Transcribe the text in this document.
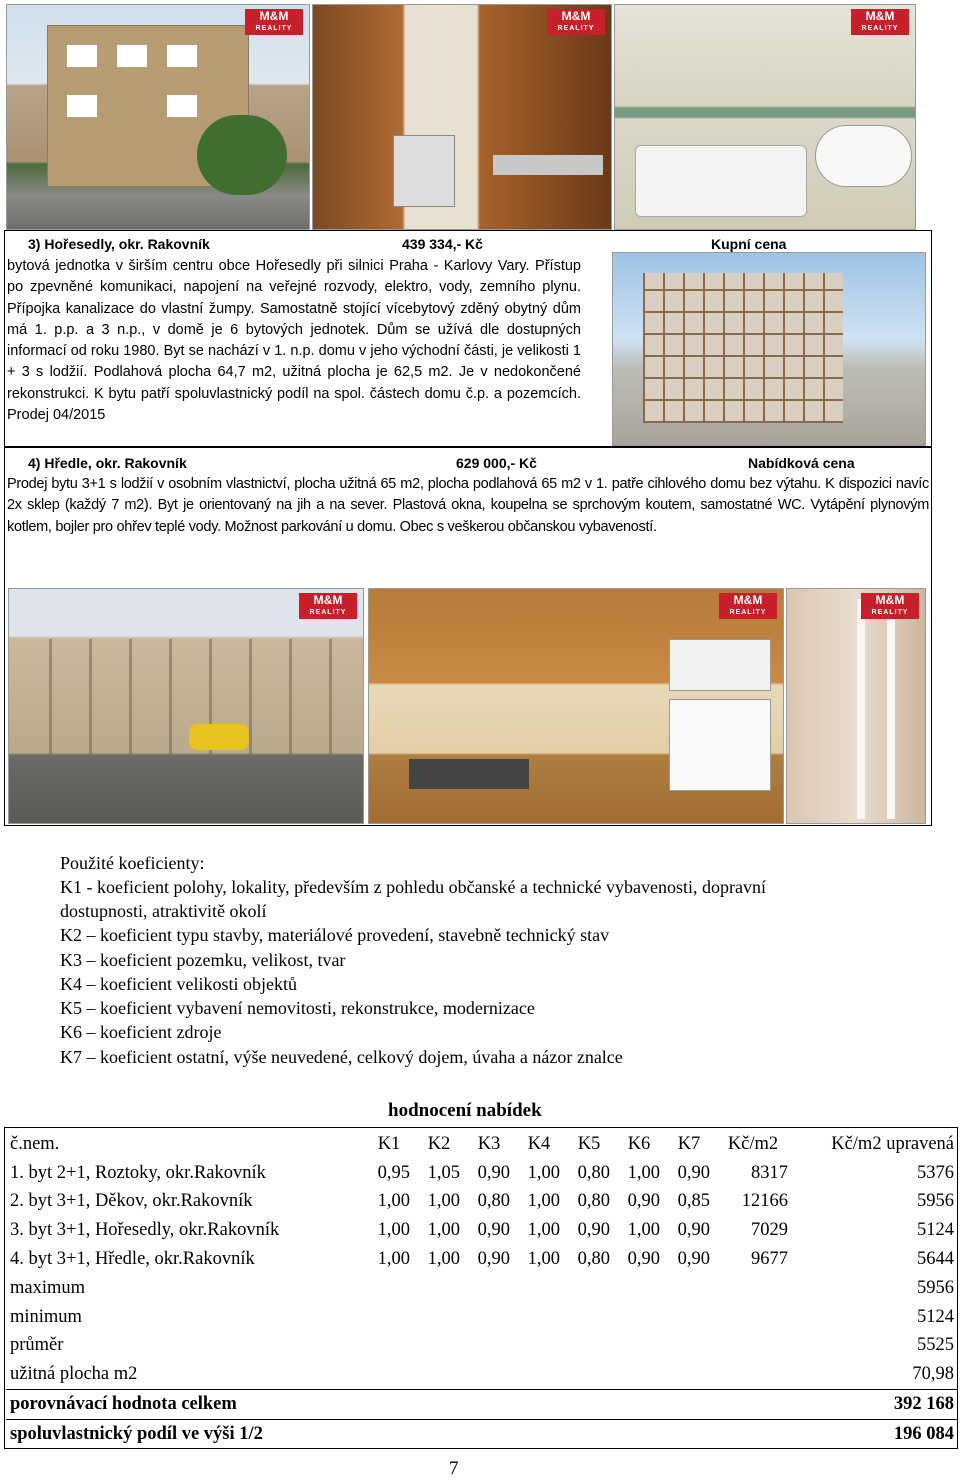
M&M
REALITY
M&M
REALITY
M&M
REALITY
3) Hořesedly, okr. Rakovník	439 334,- Kč	Kupní cena
bytová jednotka v širším centru obce Hořesedly při silnici Praha - Karlovy Vary. Přístup po zpevněné komunikaci, napojení na veřejné rozvody, elektro, vody, zemního plynu. Přípojka kanalizace do vlastní žumpy. Samostatně stojící vícebytový zděný obytný dům má 1. p.p. a 3 n.p., v domě je 6 bytových jednotek. Dům se užívá dle dostupných informací od roku 1980. Byt se nachází v 1. n.p. domu v jeho východní části, je velikosti 1 + 3 s lodžií. Podlahová plocha 64,7 m2, užitná plocha je 62,5 m2. Je v nedokončené rekonstrukci. K bytu patří spoluvlastnický podíl na spol. částech domu č.p. a pozemcích. Prodej 04/2015
4) Hředle, okr. Rakovník	629 000,- Kč	Nabídková cena
Prodej bytu 3+1 s lodžií v osobním vlastnictví, plocha užitná 65 m2, plocha podlahová 65 m2 v 1. patře cihlového domu bez výtahu. K dispozici navíc 2x sklep (každý 7 m2). Byt je orientovaný na jih a na sever. Plastová okna, koupelna se sprchovým koutem, samostatné WC. Vytápění plynovým kotlem, bojler pro ohřev teplé vody. Možnost parkování u domu. Obec s veškerou občanskou vybaveností.
M&M
REALITY
M&M
REALITY
M&M
REALITY
Použité koeficienty:
K1 - koeficient polohy, lokality, především z pohledu občanské a technické vybavenosti, dopravní
dostupnosti, atraktivitě okolí
K2 – koeficient typu stavby, materiálové provedení, stavebně technický stav
K3 – koeficient pozemku, velikost, tvar
K4 – koeficient velikosti objektů
K5 – koeficient vybavení nemovitosti, rekonstrukce, modernizace
K6 – koeficient zdroje
K7 – koeficient ostatní, výše neuvedené, celkový dojem, úvaha a názor znalce
hodnocení nabídek
č.nem.	K1	K2	K3	K4	K5	K6	K7	Kč/m2	Kč/m2 upravená
1. byt 2+1, Roztoky, okr.Rakovník	0,95	1,05	0,90	1,00	0,80	1,00	0,90	8317	5376
2. byt 3+1, Děkov, okr.Rakovník	1,00	1,00	0,80	1,00	0,80	0,90	0,85	12166	5956
3. byt 3+1, Hořesedly, okr.Rakovník	1,00	1,00	0,90	1,00	0,90	1,00	0,90	7029	5124
4. byt 3+1, Hředle, okr.Rakovník	1,00	1,00	0,90	1,00	0,80	0,90	0,90	9677	5644
maximum									5956
minimum									5124
průměr									5525
užitná plocha m2									70,98
porovnávací hodnota celkem									392 168
spoluvlastnický podíl ve výši 1/2									196 084
7
